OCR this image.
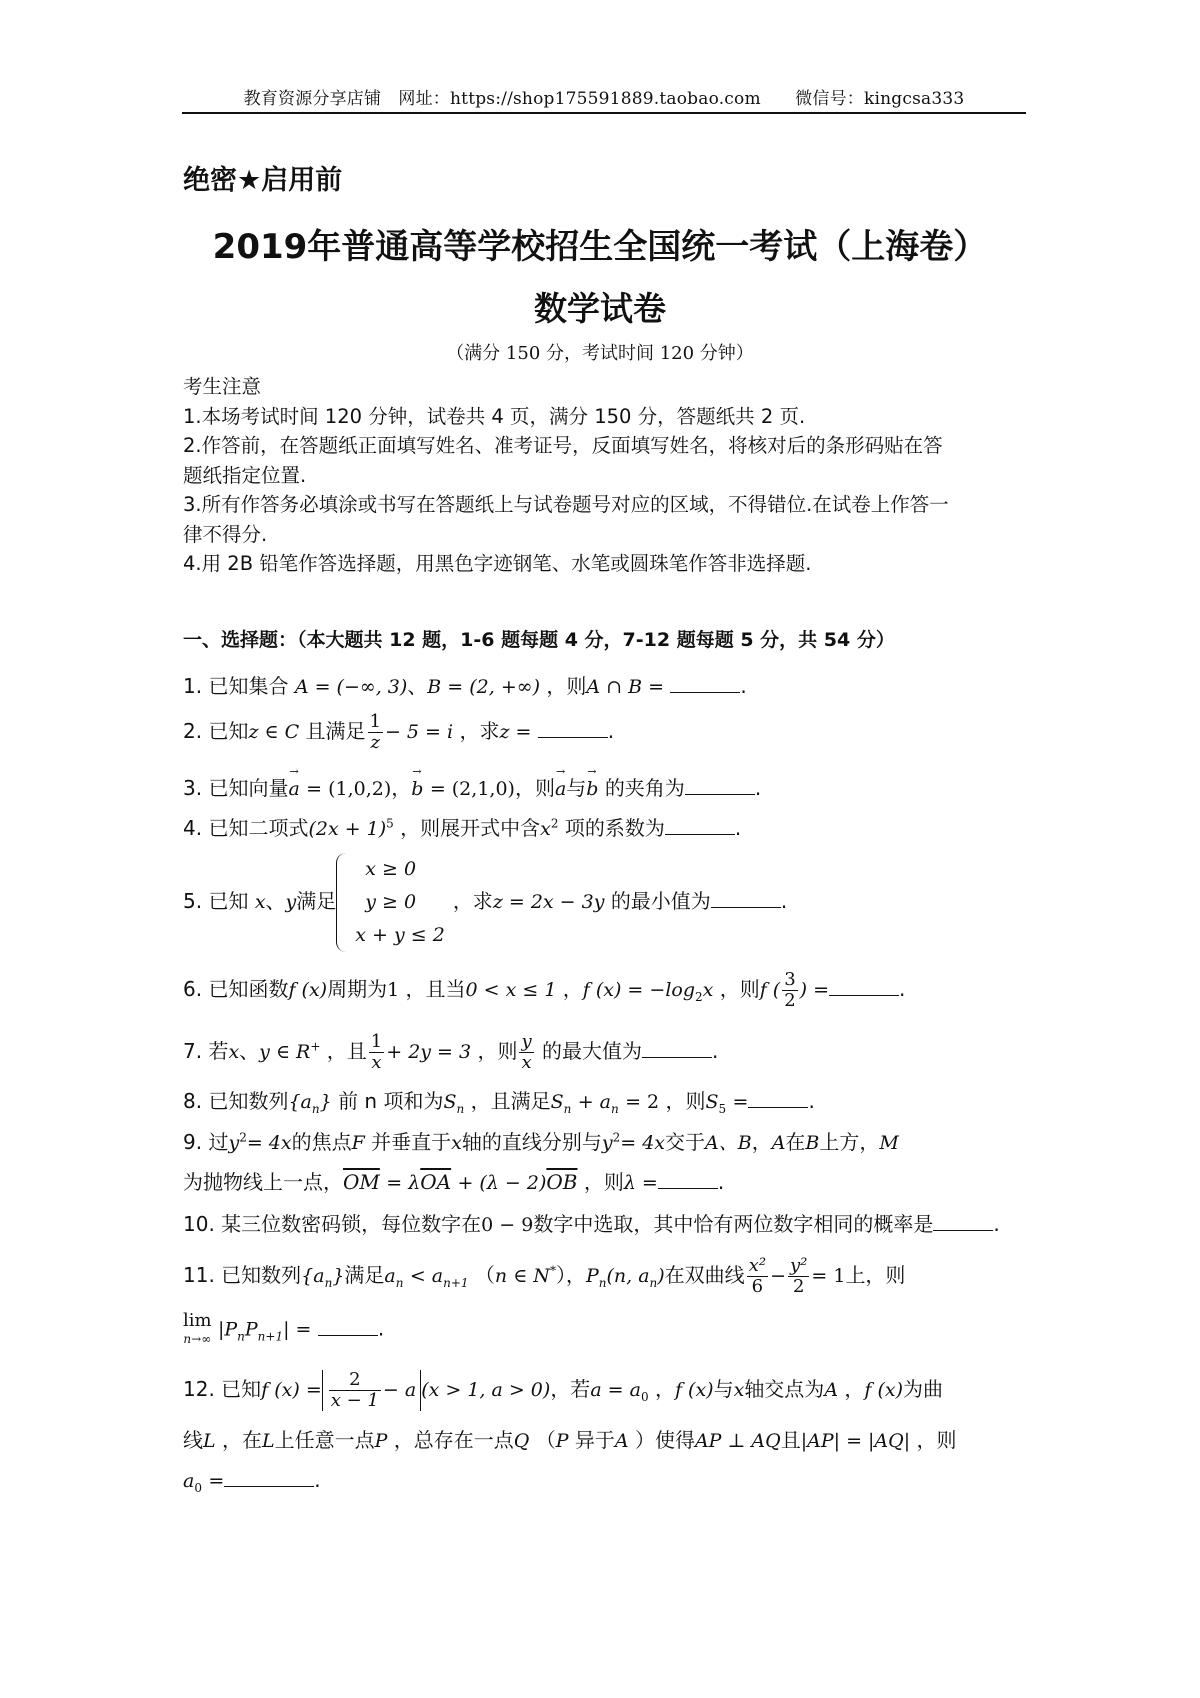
教育资源分享店铺　网址：https://shop175591889.taobao.com　　微信号：kingcsa333
绝密★启用前
2019年普通高等学校招生全国统一考试（上海卷）
数学试卷
（满分 150 分，考试时间 120 分钟）
考生注意
1.本场考试时间 120 分钟，试卷共 4 页，满分 150 分，答题纸共 2 页.
2.作答前，在答题纸正面填写姓名、准考证号，反面填写姓名，将核对后的条形码贴在答
题纸指定位置.
3.所有作答务必填涂或书写在答题纸上与试卷题号对应的区域，不得错位.在试卷上作答一
律不得分.
4.用 2B 铅笔作答选择题，用黑色字迹钢笔、水笔或圆珠笔作答非选择题.
一、选择题：（本大题共 12 题，1-6 题每题 4 分，7-12 题每题 5 分，共 54 分）
1. 已知集合 A = (−∞, 3)、B = (2, +∞) ，则A ∩ B =	.
2. 已知z ∈ C 且满足 $\frac{1}{z} - 5 = i$ ，求z =	.
3. 已知向量→ a = (1,0,2)，→ b = (2,1,0)，则→ a与→ b 的夹角为	.
4. 已知二项式$(2x + 1)^5$ ，则展开式中含$x^2$ 项的系数为	.
5. 已知 x、y满足
x ≥ 0
y ≥ 0
x + y ≤ 2
，求z = 2x − 3y 的最小值为	.
6. 已知函数f (x)周期为1 ，且当0 < x ≤ 1 ，f $(x) = -\log_2x$ ，则f ( $\frac{3}{2}$ ) =	.
7. 若x、y ∈ R+ ，且 $\frac{1}{x} + 2y = 3$ ，则 $\frac{y}{x}$ 的最大值为	.
8. 已知数列$\{a_n\}$ 前 n 项和为$S_n$ ，且满足$S_n + a_n = 2$ ，则$S_5$ =	.
9. 过$y^2= 4x$的焦点F 并垂直于x轴的直线分别与$y^2= 4x$交于A、B，A在B上方，M
为抛物线上一点，$\overline{OM} = \lambda\overline{OA} + (\lambda - 2)\overline{OB}$ ，则λ =	.
10. 某三位数密码锁，每位数字在0 − 9数字中选取，其中恰有两位数字相同的概率是	.
11. 已知数列$\{a_n\}$满足$a_n < a_{n+1}$ （n ∈ N*），$P_n(n$, $a_n$)在双曲线 $\frac{\text{x²}}{6} - \frac{\text{y²}}{2} = 1$上，则
lim
n→∞ $|P_nP_{n+1}|$ =	.
12. 已知f $(x) = \frac{2}{x - 1} - a$ (x > 1, a > 0)，若$a = a_0$ ，f (x)与x轴交点为A ，f (x)为曲
线L ，在L上任意一点P ，总存在一点Q （P 异于A ）使得AP ⊥ AQ且|AP| = |AQ| ，则
$a_0$ =	.
